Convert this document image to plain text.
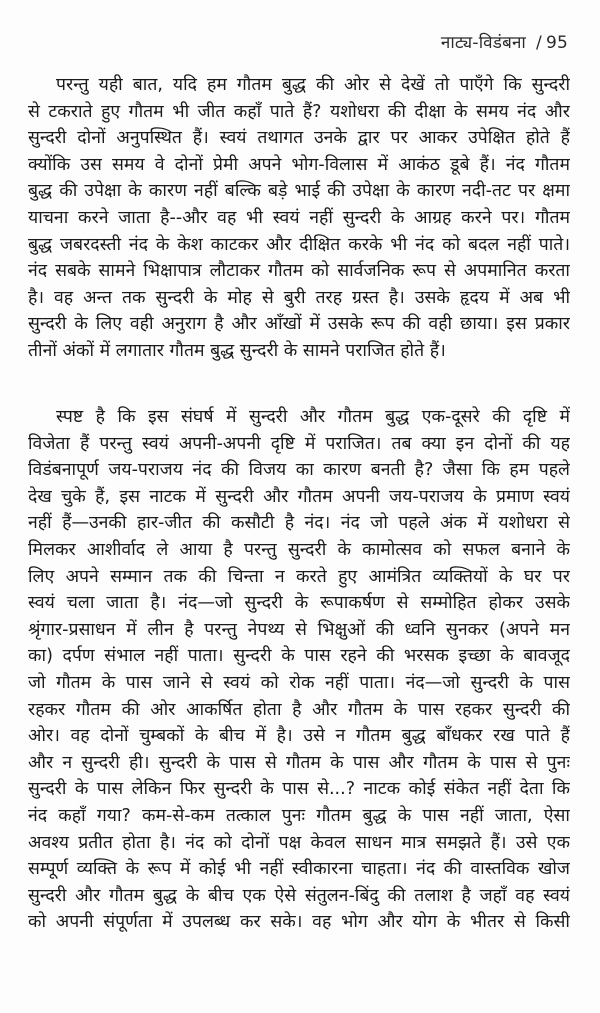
नाट्य-विडंबना / 95
परन्तु यही बात, यदि हम गौतम बुद्ध की ओर से देखें तो पाएँगे कि सुन्दरी
से टकराते हुए गौतम भी जीत कहाँ पाते हैं? यशोधरा की दीक्षा के समय नंद और
सुन्दरी दोनों अनुपस्थित हैं। स्वयं तथागत उनके द्वार पर आकर उपेक्षित होते हैं
क्योंकि उस समय वे दोनों प्रेमी अपने भोग-विलास में आकंठ डूबे हैं। नंद गौतम
बुद्ध की उपेक्षा के कारण नहीं बल्कि बड़े भाई की उपेक्षा के कारण नदी-तट पर क्षमा
याचना करने जाता है--और वह भी स्वयं नहीं सुन्दरी के आग्रह करने पर। गौतम
बुद्ध जबरदस्ती नंद के केश काटकर और दीक्षित करके भी नंद को बदल नहीं पाते।
नंद सबके सामने भिक्षापात्र लौटाकर गौतम को सार्वजनिक रूप से अपमानित करता
है। वह अन्त तक सुन्दरी के मोह से बुरी तरह ग्रस्त है। उसके हृदय में अब भी
सुन्दरी के लिए वही अनुराग है और आँखों में उसके रूप की वही छाया। इस प्रकार
तीनों अंकों में लगातार गौतम बुद्ध सुन्दरी के सामने पराजित होते हैं।
स्पष्ट है कि इस संघर्ष में सुन्दरी और गौतम बुद्ध एक-दूसरे की दृष्टि में
विजेता हैं परन्तु स्वयं अपनी-अपनी दृष्टि में पराजित। तब क्या इन दोनों की यह
विडंबनापूर्ण जय-पराजय नंद की विजय का कारण बनती है? जैसा कि हम पहले
देख चुके हैं, इस नाटक में सुन्दरी और गौतम अपनी जय-पराजय के प्रमाण स्वयं
नहीं हैं—उनकी हार-जीत की कसौटी है नंद। नंद जो पहले अंक में यशोधरा से
मिलकर आशीर्वाद ले आया है परन्तु सुन्दरी के कामोत्सव को सफल बनाने के
लिए अपने सम्मान तक की चिन्ता न करते हुए आमंत्रित व्यक्तियों के घर पर
स्वयं चला जाता है। नंद—जो सुन्दरी के रूपाकर्षण से सम्मोहित होकर उसके
श्रृंगार-प्रसाधन में लीन है परन्तु नेपथ्य से भिक्षुओं की ध्वनि सुनकर (अपने मन
का) दर्पण संभाल नहीं पाता। सुन्दरी के पास रहने की भरसक इच्छा के बावजूद
जो गौतम के पास जाने से स्वयं को रोक नहीं पाता। नंद—जो सुन्दरी के पास
रहकर गौतम की ओर आकर्षित होता है और गौतम के पास रहकर सुन्दरी की
ओर। वह दोनों चुम्बकों के बीच में है। उसे न गौतम बुद्ध बाँधकर रख पाते हैं
और न सुन्दरी ही। सुन्दरी के पास से गौतम के पास और गौतम के पास से पुनः
सुन्दरी के पास लेकिन फिर सुन्दरी के पास से...? नाटक कोई संकेत नहीं देता कि
नंद कहाँ गया? कम-से-कम तत्काल पुनः गौतम बुद्ध के पास नहीं जाता, ऐसा
अवश्य प्रतीत होता है। नंद को दोनों पक्ष केवल साधन मात्र समझते हैं। उसे एक
सम्पूर्ण व्यक्ति के रूप में कोई भी नहीं स्वीकारना चाहता। नंद की वास्तविक खोज
सुन्दरी और गौतम बुद्ध के बीच एक ऐसे संतुलन-बिंदु की तलाश है जहाँ वह स्वयं
को अपनी संपूर्णता में उपलब्ध कर सके। वह भोग और योग के भीतर से किसी
